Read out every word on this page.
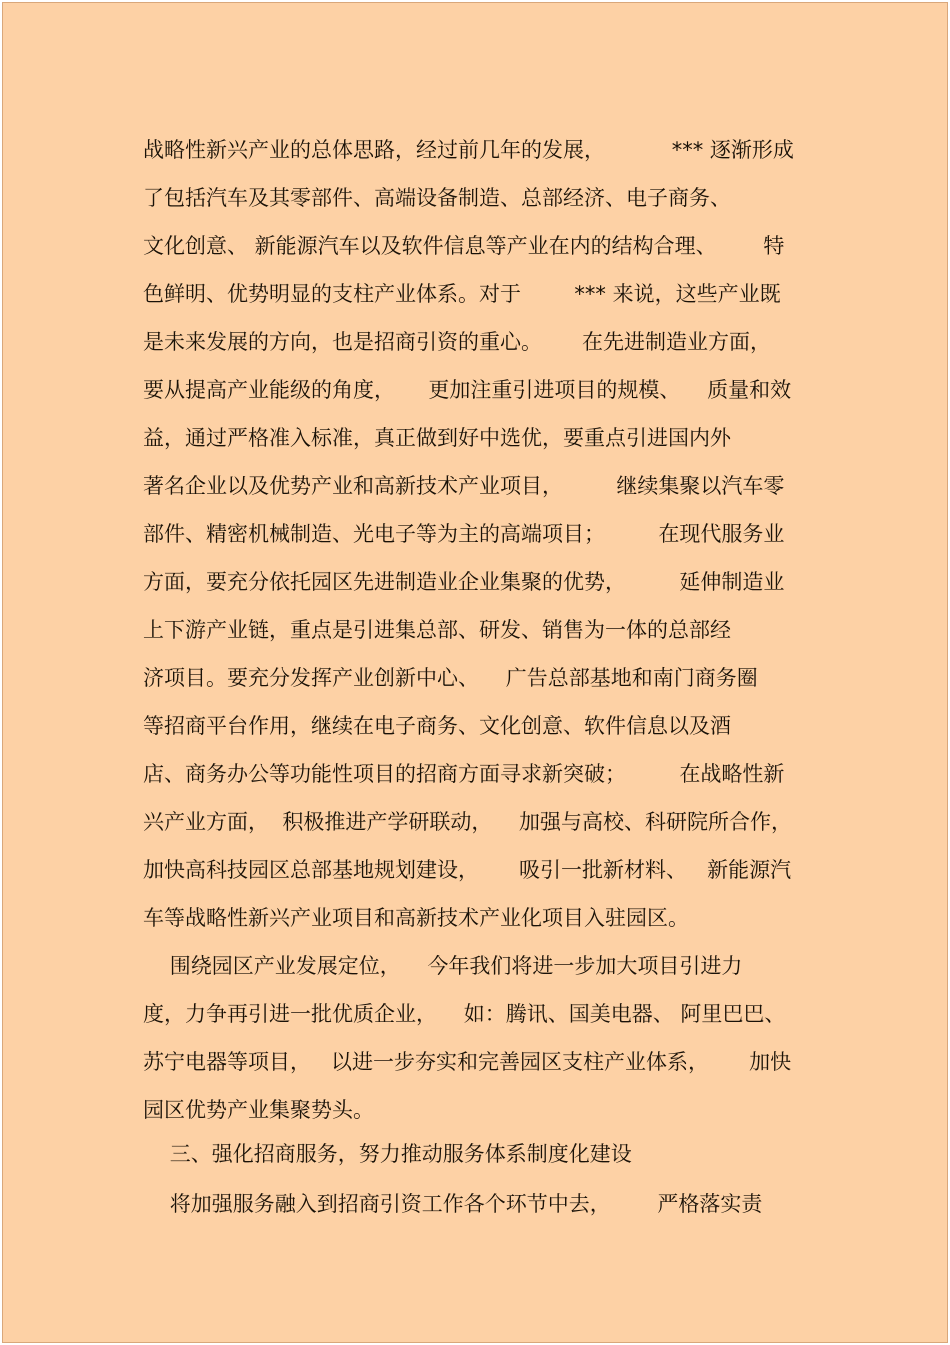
战略性新兴产业的总体思路，经过前几年的发展，          *** 逐渐形成
了包括汽车及其零部件、高端设备制造、总部经济、电子商务、
文化创意、 新能源汽车以及软件信息等产业在内的结构合理、       特
色鲜明、优势明显的支柱产业体系。对于        *** 来说，这些产业既
是未来发展的方向，也是招商引资的重心。      在先进制造业方面，
要从提高产业能级的角度，     更加注重引进项目的规模、    质量和效
益，通过严格准入标准，真正做到好中选优，要重点引进国内外
著名企业以及优势产业和高新技术产业项目，        继续集聚以汽车零
部件、精密机械制造、光电子等为主的高端项目；        在现代服务业
方面，要充分依托园区先进制造业企业集聚的优势，        延伸制造业
上下游产业链，重点是引进集总部、研发、销售为一体的总部经
济项目。要充分发挥产业创新中心、    广告总部基地和南门商务圈
等招商平台作用，继续在电子商务、文化创意、软件信息以及酒
店、商务办公等功能性项目的招商方面寻求新突破；        在战略性新
兴产业方面，  积极推进产学研联动，    加强与高校、科研院所合作，
加快高科技园区总部基地规划建设，      吸引一批新材料、   新能源汽
车等战略性新兴产业项目和高新技术产业化项目入驻园区。
围绕园区产业发展定位，    今年我们将进一步加大项目引进力
度，力争再引进一批优质企业，    如：腾讯、国美电器、 阿里巴巴、
苏宁电器等项目，   以进一步夯实和完善园区支柱产业体系，      加快
园区优势产业集聚势头。
三、强化招商服务，努力推动服务体系制度化建设
将加强服务融入到招商引资工作各个环节中去，       严格落实责
